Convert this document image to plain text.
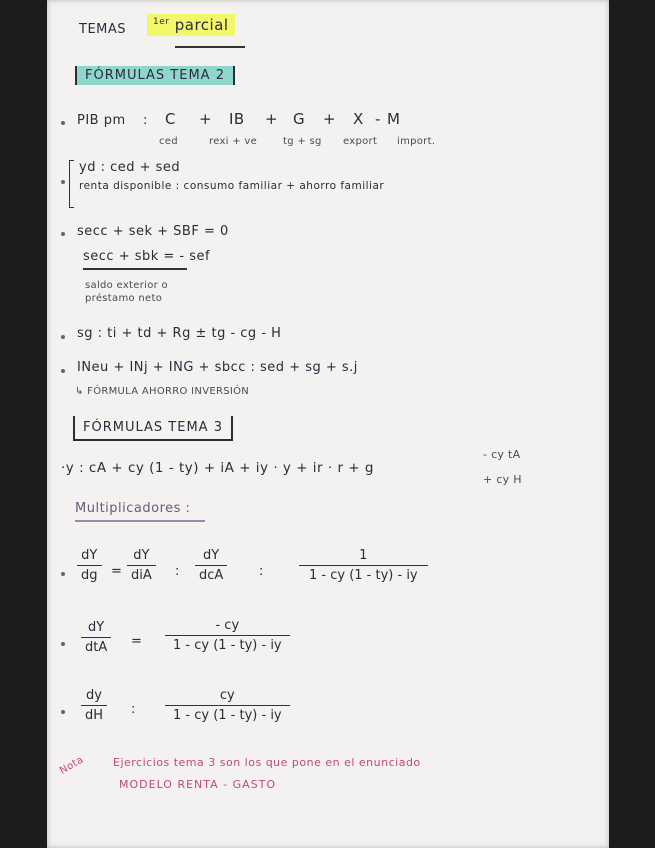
TEMAS	$^{1er}$ parcial
FÓRMULAS TEMA 2
PIB pm : C + IB + G + X - M
ced	rexi + ve	tg + sg export import.
yd : ced + sed
renta disponible : consumo familiar + ahorro familiar
secc + sek + SBF = 0
secc + sbk = - sef
saldo exterior o
préstamo neto
sg : ti + td + Rg ± tg - cg - H
INeu + INj + ING + sbcc : sed + sg + s.j
↳ FÓRMULA AHORRO INVERSIÓN
FÓRMULAS TEMA 3
·y : cA + cy (1 - ty) + iA + iy · y + ir · r + g
- cy tA
+ cy H
Multiplicadores :
$\frac{dY}{dg}$ =
dY
diA	:
dY
dcA	:	$\frac{1}{1 - cy (1 - ty) - iy}$
dY
dtA	= $\frac{- cy}{1 - cy (1 - ty) - iy}$
$\frac{dy}{dH}$ : $\frac{cy}{1 - cy (1 - ty) - iy}$
Nota Ejercicios tema 3 son los que pone en el enunciado
MODELO RENTA - GASTO
